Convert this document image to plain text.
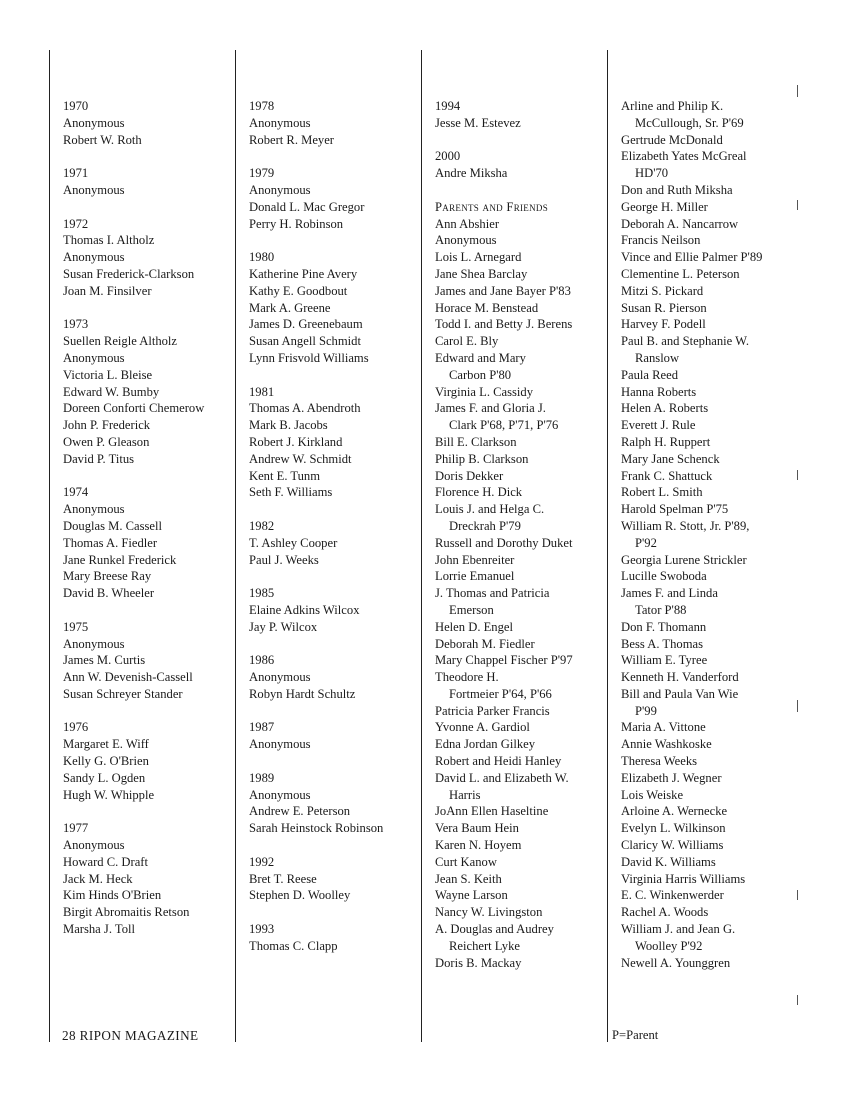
1970
Anonymous
Robert W. Roth
1971
Anonymous
1972
Thomas I. Altholz
Anonymous
Susan Frederick-Clarkson
Joan M. Finsilver
1973
Suellen Reigle Altholz
Anonymous
Victoria L. Bleise
Edward W. Bumby
Doreen Conforti Chemerow
John P. Frederick
Owen P. Gleason
David P. Titus
1974
Anonymous
Douglas M. Cassell
Thomas A. Fiedler
Jane Runkel Frederick
Mary Breese Ray
David B. Wheeler
1975
Anonymous
James M. Curtis
Ann W. Devenish-Cassell
Susan Schreyer Stander
1976
Margaret E. Wiff
Kelly G. O'Brien
Sandy L. Ogden
Hugh W. Whipple
1977
Anonymous
Howard C. Draft
Jack M. Heck
Kim Hinds O'Brien
Birgit Abromaitis Retson
Marsha J. Toll
1978
Anonymous
Robert R. Meyer
1979
Anonymous
Donald L. Mac Gregor
Perry H. Robinson
1980
Katherine Pine Avery
Kathy E. Goodbout
Mark A. Greene
James D. Greenebaum
Susan Angell Schmidt
Lynn Frisvold Williams
1981
Thomas A. Abendroth
Mark B. Jacobs
Robert J. Kirkland
Andrew W. Schmidt
Kent E. Tunm
Seth F. Williams
1982
T. Ashley Cooper
Paul J. Weeks
1985
Elaine Adkins Wilcox
Jay P. Wilcox
1986
Anonymous
Robyn Hardt Schultz
1987
Anonymous
1989
Anonymous
Andrew E. Peterson
Sarah Heinstock Robinson
1992
Bret T. Reese
Stephen D. Woolley
1993
Thomas C. Clapp
1994
Jesse M. Estevez
2000
Andre Miksha
Parents and Friends
Ann Abshier
Anonymous
Lois L. Arnegard
Jane Shea Barclay
James and Jane Bayer P'83
Horace M. Benstead
Todd I. and Betty J. Berens
Carol E. Bly
Edward and Mary
Carbon P'80
Virginia L. Cassidy
James F. and Gloria J.
Clark P'68, P'71, P'76
Bill E. Clarkson
Philip B. Clarkson
Doris Dekker
Florence H. Dick
Louis J. and Helga C.
Dreckrah P'79
Russell and Dorothy Duket
John Ebenreiter
Lorrie Emanuel
J. Thomas and Patricia
Emerson
Helen D. Engel
Deborah M. Fiedler
Mary Chappel Fischer P'97
Theodore H.
Fortmeier P'64, P'66
Patricia Parker Francis
Yvonne A. Gardiol
Edna Jordan Gilkey
Robert and Heidi Hanley
David L. and Elizabeth W.
Harris
JoAnn Ellen Haseltine
Vera Baum Hein
Karen N. Hoyem
Curt Kanow
Jean S. Keith
Wayne Larson
Nancy W. Livingston
A. Douglas and Audrey
Reichert Lyke
Doris B. Mackay
Arline and Philip K.
McCullough, Sr. P'69
Gertrude McDonald
Elizabeth Yates McGreal
HD'70
Don and Ruth Miksha
George H. Miller
Deborah A. Nancarrow
Francis Neilson
Vince and Ellie Palmer P'89
Clementine L. Peterson
Mitzi S. Pickard
Susan R. Pierson
Harvey F. Podell
Paul B. and Stephanie W.
Ranslow
Paula Reed
Hanna Roberts
Helen A. Roberts
Everett J. Rule
Ralph H. Ruppert
Mary Jane Schenck
Frank C. Shattuck
Robert L. Smith
Harold Spelman P'75
William R. Stott, Jr. P'89,
P'92
Georgia Lurene Strickler
Lucille Swoboda
James F. and Linda
Tator P'88
Don F. Thomann
Bess A. Thomas
William E. Tyree
Kenneth H. Vanderford
Bill and Paula Van Wie
P'99
Maria A. Vittone
Annie Washkoske
Theresa Weeks
Elizabeth J. Wegner
Lois Weiske
Arloine A. Wernecke
Evelyn L. Wilkinson
Claricy W. Williams
David K. Williams
Virginia Harris Williams
E. C. Winkenwerder
Rachel A. Woods
William J. and Jean G.
Woolley P'92
Newell A. Younggren
28 RIPON MAGAZINE	P=Parent
